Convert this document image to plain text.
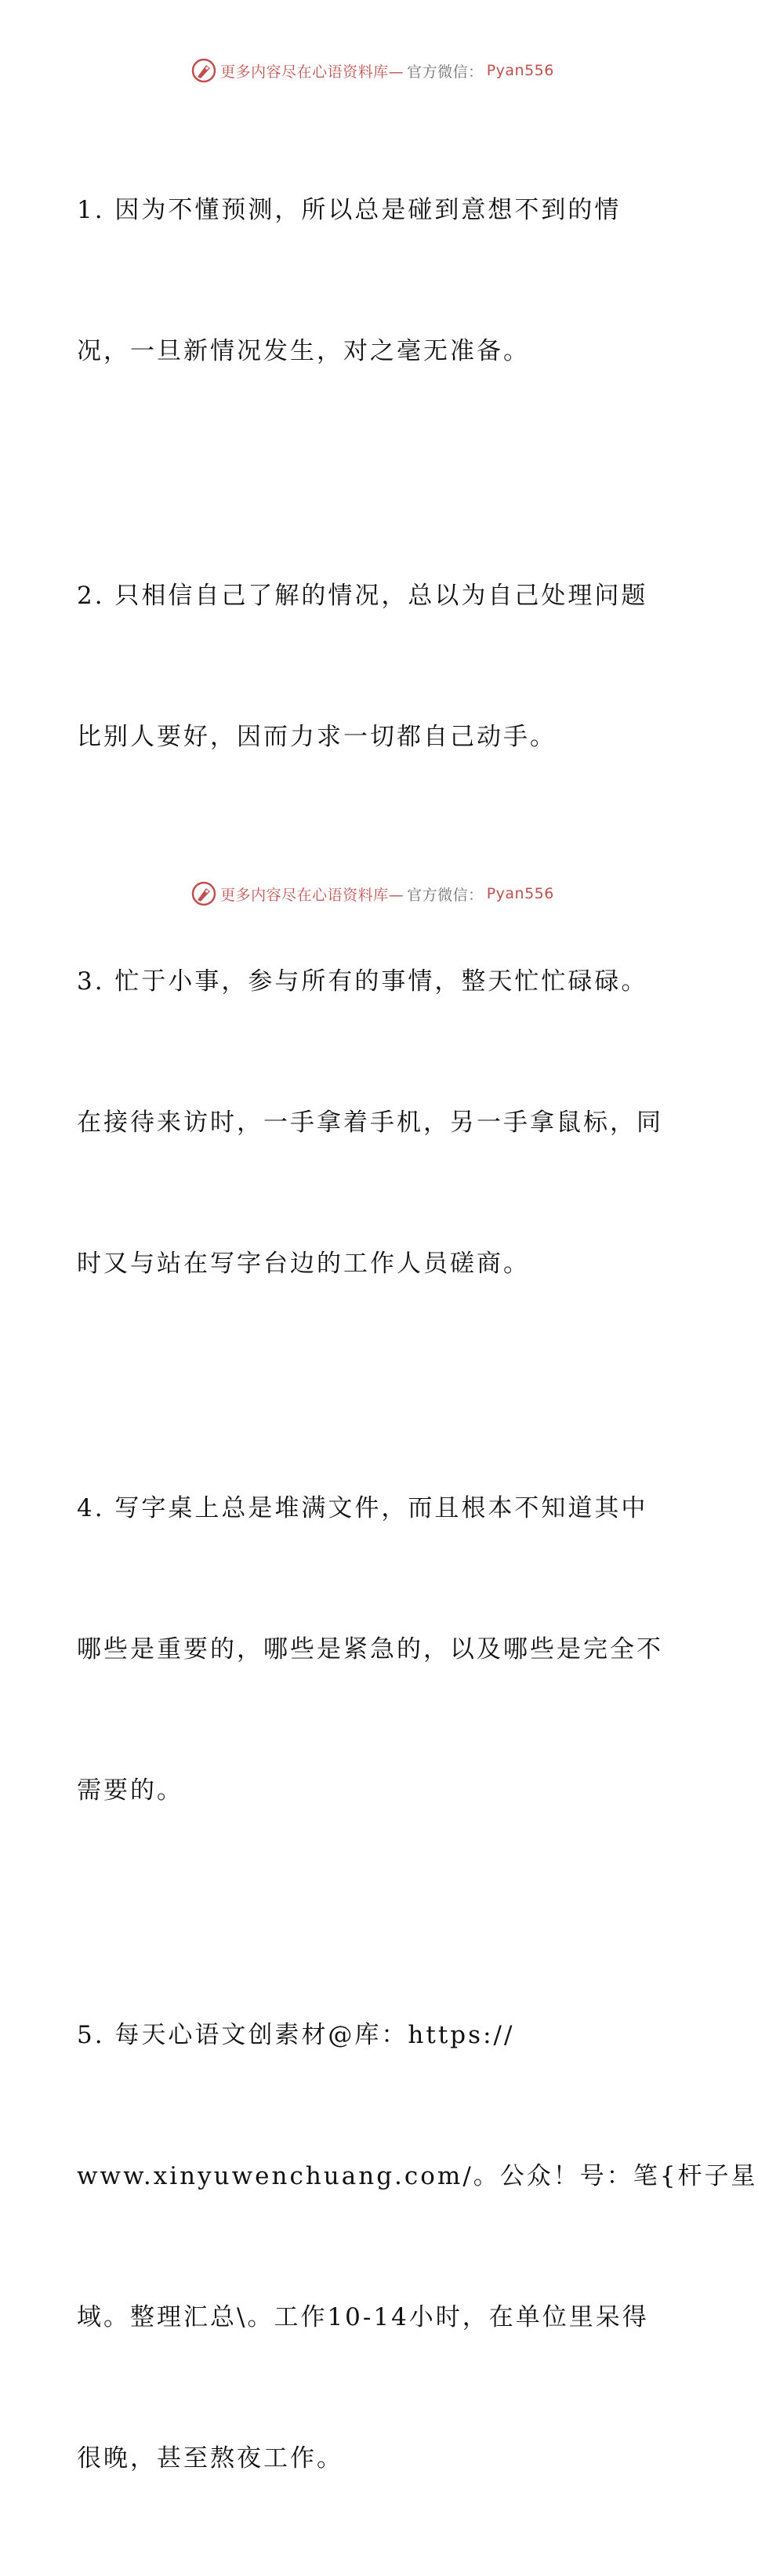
更多内容尽在心语资料库— 官方微信： Pyan556

1. 因为不懂预测，所以总是碰到意想不到的情

况，一旦新情况发生，对之毫无准备。

2. 只相信自己了解的情况，总以为自己处理问题

比别人要好，因而力求一切都自己动手。

3. 忙于小事，参与所有的事情，整天忙忙碌碌。

在接待来访时，一手拿着手机，另一手拿鼠标，同

时又与站在写字台边的工作人员磋商。

4. 写字桌上总是堆满文件，而且根本不知道其中

哪些是重要的，哪些是紧急的，以及哪些是完全不

需要的。

5. 每天心语文创素材@库：https://

www.xinyuwenchuang.com/。公众！号：笔{杆子星

域。整理汇总\。工作10-14小时，在单位里呆得

很晚，甚至熬夜工作。

更多内容尽在心语资料库— 官方微信： Pyan556
